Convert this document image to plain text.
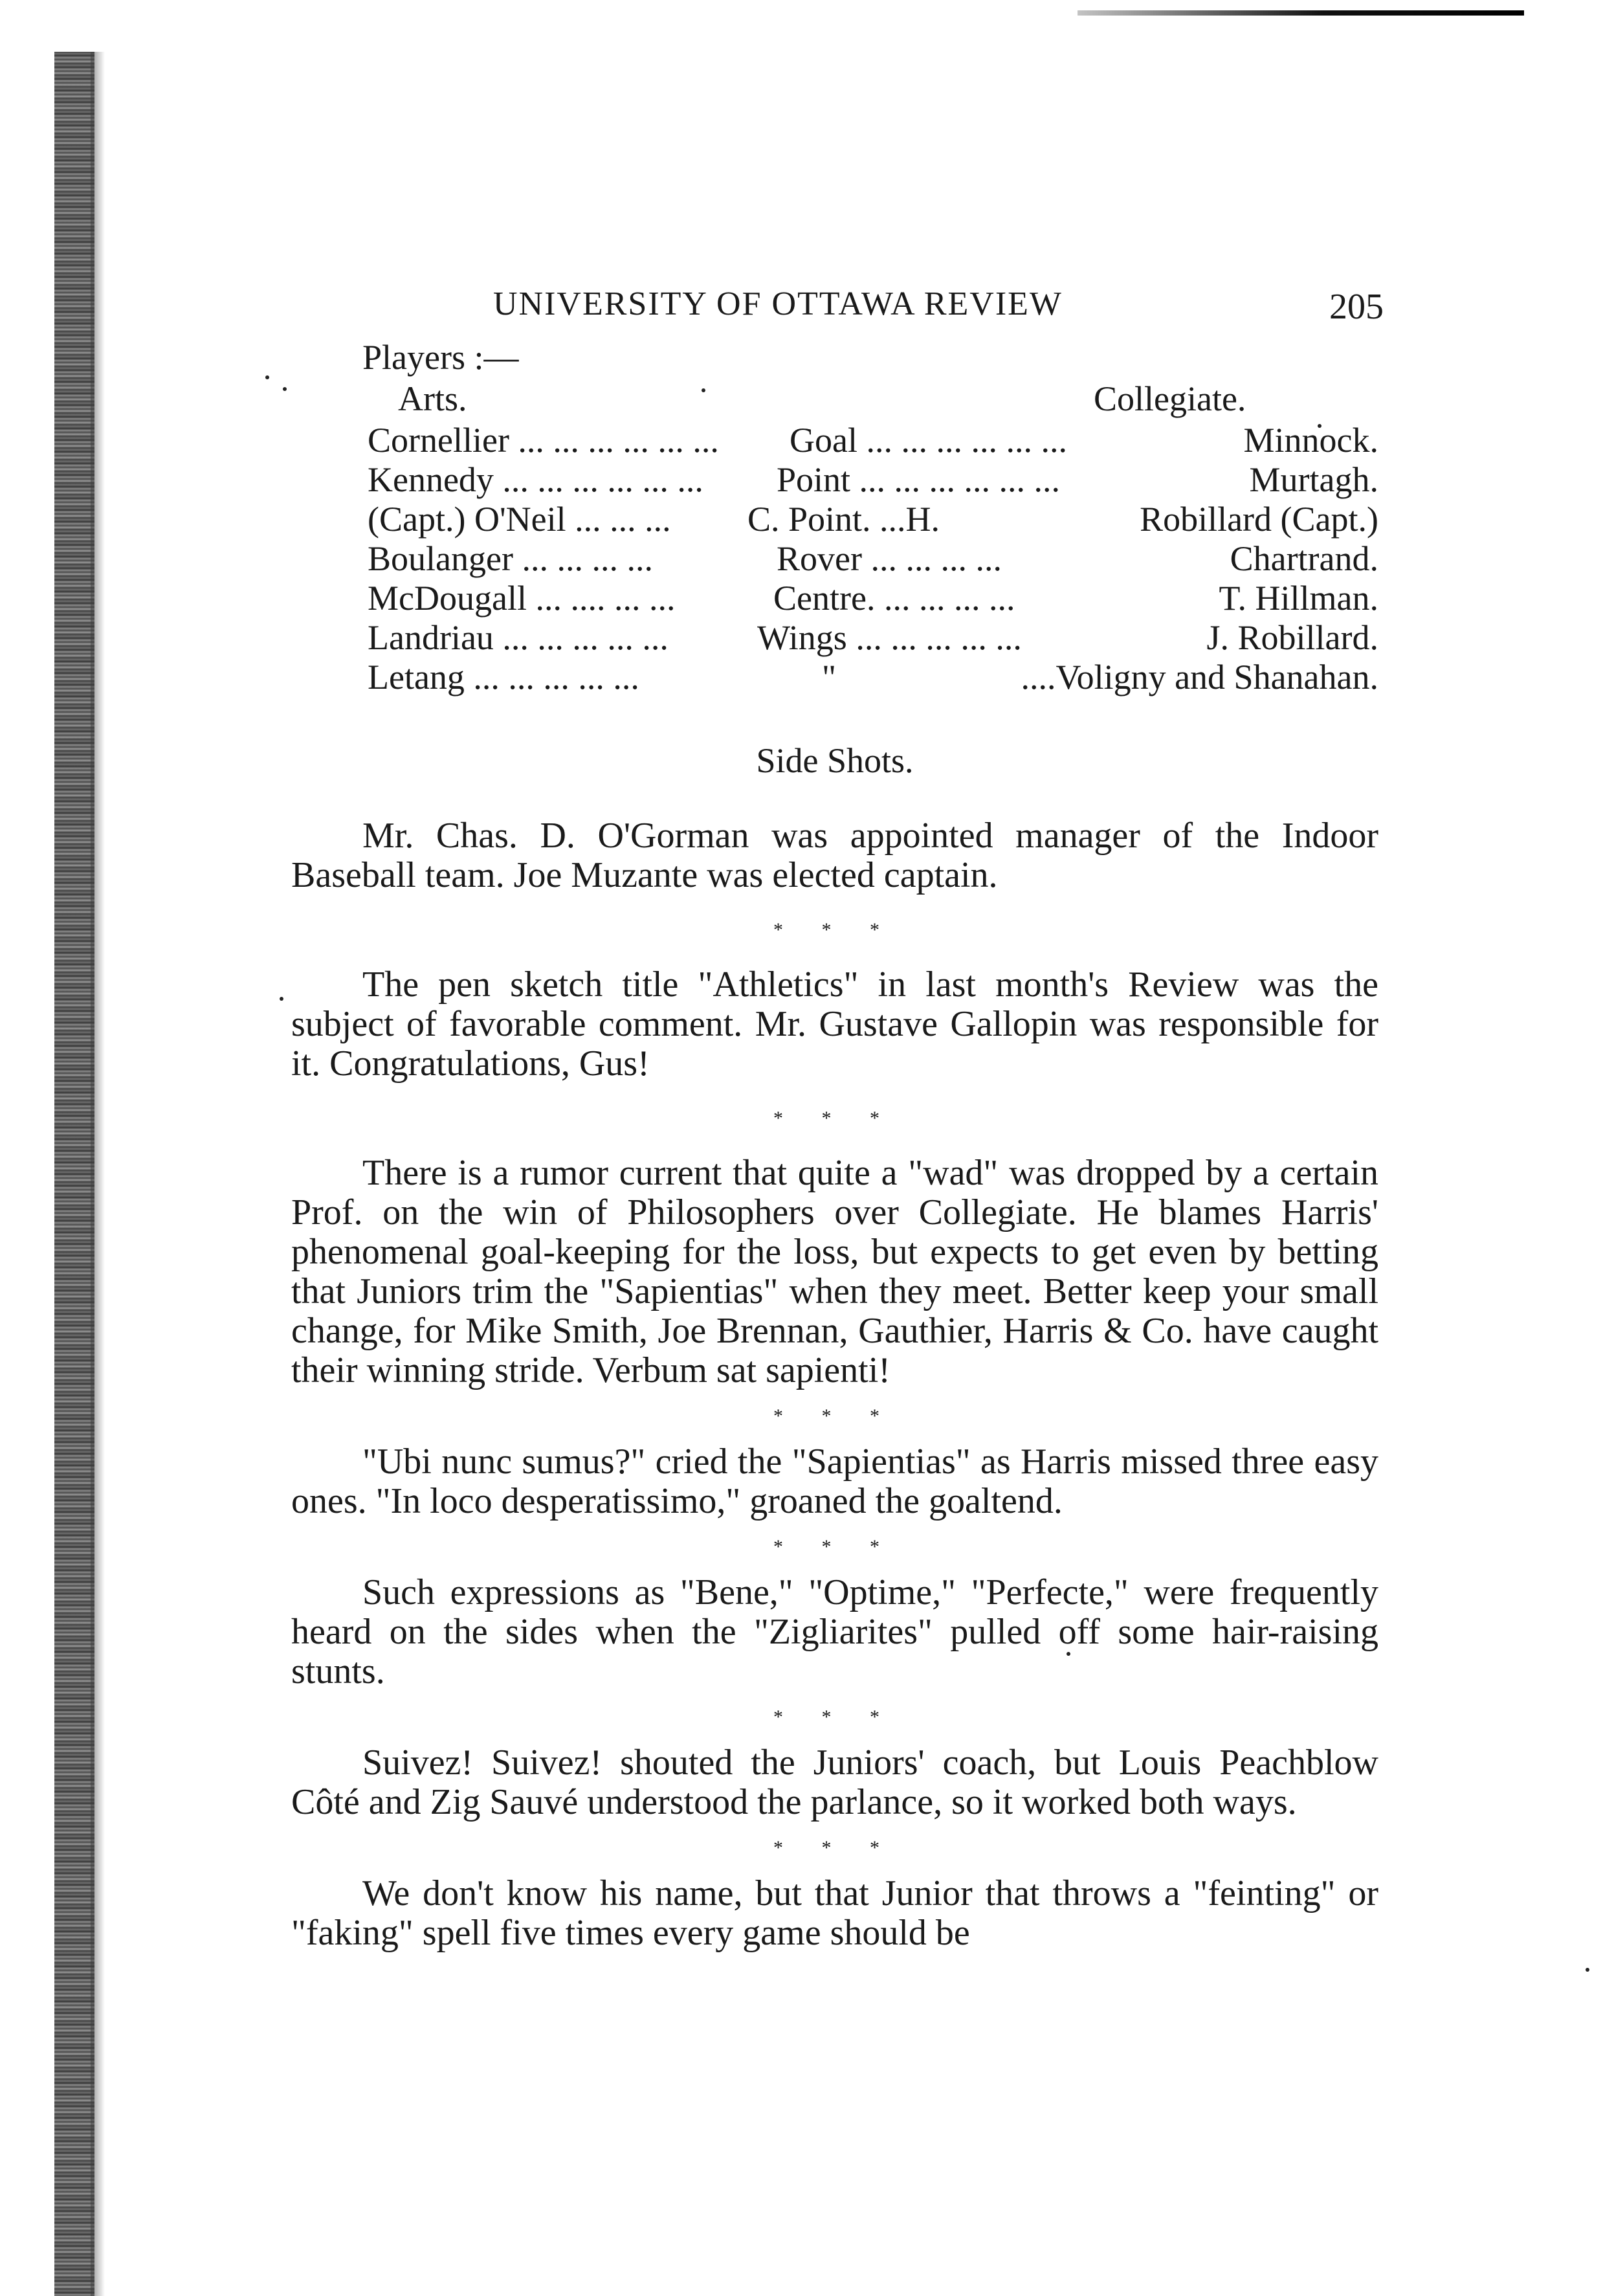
UNIVERSITY OF OTTAWA REVIEW	205
Players :—
Arts.	Collegiate.
Cornellier ... ... ... ... ... ... Goal ... ... ... ... ... ...	Minnock.
Kennedy ... ... ... ... ... ... Point ... ... ... ... ... ...	Murtagh.
(Capt.) O'Neil ... ... ... C. Point. ...H.	Robillard (Capt.)
Boulanger ... ... ... ...	Rover ... ... ... ...	Chartrand.
McDougall ... .... ... ...	Centre. ... ... ... ...	T. Hillman.
Landriau ... ... ... ... ...	Wings ... ... ... ... ...	J. Robillard.
Letang ... ... ... ... ...	"	....Voligny and Shanahan.
Side Shots.

Mr. Chas. D. O'Gorman was appointed manager of the Indoor Baseball team. Joe Muzante was elected captain.

* * *

The pen sketch title "Athletics" in last month's Review was the subject of favorable comment. Mr. Gustave Gallopin was responsible for it. Congratulations, Gus!

* * *

There is a rumor current that quite a "wad" was dropped by a certain Prof. on the win of Philosophers over Collegiate. He blames Harris' phenomenal goal-keeping for the loss, but expects to get even by betting that Juniors trim the "Sapientias" when they meet. Better keep your small change, for Mike Smith, Joe Brennan, Gauthier, Harris & Co. have caught their winning stride. Verbum sat sapienti!

* * *

"Ubi nunc sumus?" cried the "Sapientias" as Harris missed three easy ones. "In loco desperatissimo," groaned the goaltend.

* * *

Such expressions as "Bene," "Optime," "Perfecte," were frequently heard on the sides when the "Zigliarites" pulled off some hair-raising stunts.

* * *

Suivez! Suivez! shouted the Juniors' coach, but Louis Peachblow Côté and Zig Sauvé understood the parlance, so it worked both ways.

* * *

We don't know his name, but that Junior that throws a "feinting" or "faking" spell five times every game should be
